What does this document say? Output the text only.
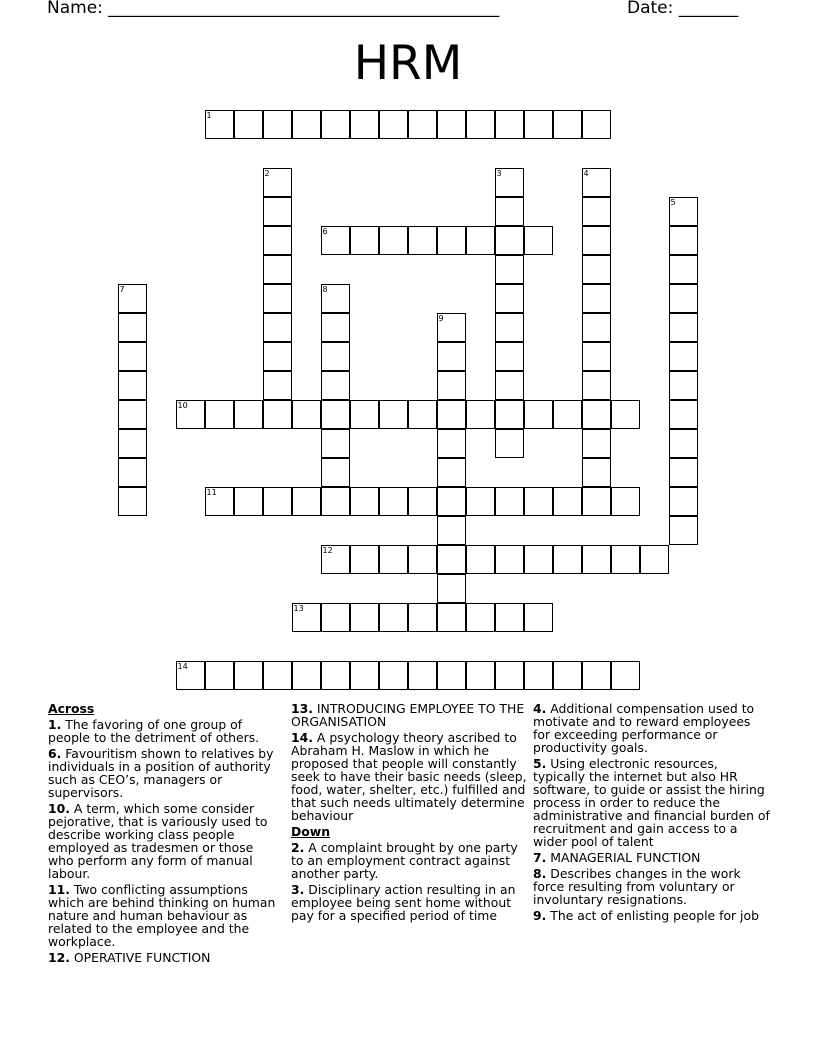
Name: ______________________________________________	Date: _______
HRM
1
2	3	4
5
6
7	8
9
10
11
12
13
14
Across
1. The favoring of one group of people to the detriment of others.
6. Favouritism shown to relatives by individuals in a position of authority such as CEO’s, managers or supervisors.
10. A term, which some consider pejorative, that is variously used to describe working class people employed as tradesmen or those who perform any form of manual labour.
11. Two conflicting assumptions which are behind thinking on human nature and human behaviour as related to the employee and the workplace.
12. OPERATIVE FUNCTION
13. INTRODUCING EMPLOYEE TO THE ORGANISATION
14. A psychology theory ascribed to Abraham H. Maslow in which he proposed that people will constantly seek to have their basic needs (sleep, food, water, shelter, etc.) fulfilled and that such needs ultimately determine behaviour
Down
2. A complaint brought by one party to an employment contract against another party.
3. Disciplinary action resulting in an employee being sent home without pay for a specified period of time
4. Additional compensation used to motivate and to reward employees for exceeding performance or productivity goals.
5. Using electronic resources, typically the internet but also HR software, to guide or assist the hiring process in order to reduce the administrative and financial burden of recruitment and gain access to a wider pool of talent
7. MANAGERIAL FUNCTION
8. Describes changes in the work force resulting from voluntary or involuntary resignations.
9. The act of enlisting people for job
